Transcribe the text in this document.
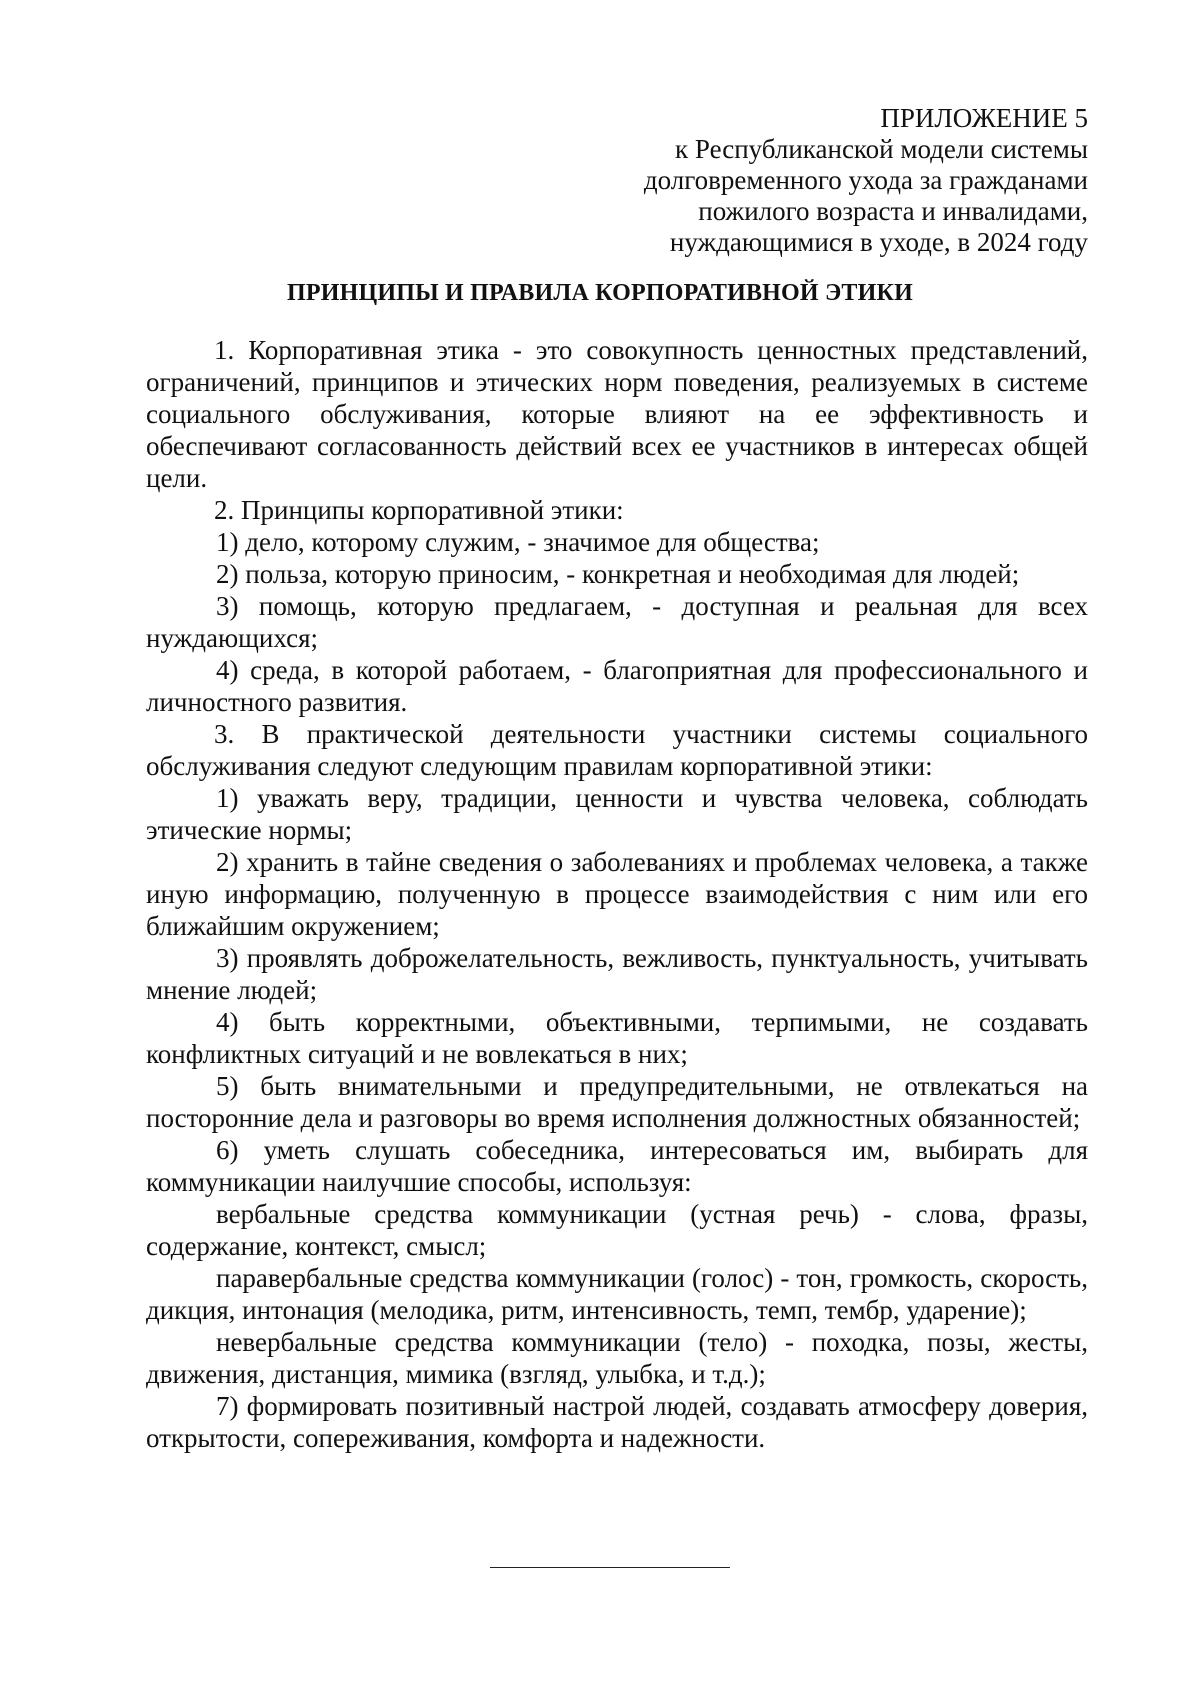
ПРИЛОЖЕНИЕ 5
к Республиканской модели системы
долговременного ухода за гражданами
пожилого возраста и инвалидами,
нуждающимися в уходе, в 2024 году
ПРИНЦИПЫ И ПРАВИЛА КОРПОРАТИВНОЙ ЭТИКИ

1. Корпоративная этика - это совокупность ценностных представлений, ограничений, принципов и этических норм поведения, реализуемых в системе социального обслуживания, которые влияют на ее эффективность и обеспечивают согласованность действий всех ее участников в интересах общей цели.

2. Принципы корпоративной этики:

1) дело, которому служим, - значимое для общества;

2) польза, которую приносим, - конкретная и необходимая для людей;

3) помощь, которую предлагаем, - доступная и реальная для всех нуждающихся;

4) среда, в которой работаем, - благоприятная для профессионального и личностного развития.

3. В практической деятельности участники системы социального обслуживания следуют следующим правилам корпоративной этики:

1) уважать веру, традиции, ценности и чувства человека, соблюдать этические нормы;

2) хранить в тайне сведения о заболеваниях и проблемах человека, а также иную информацию, полученную в процессе взаимодействия с ним или его ближайшим окружением;

3) проявлять доброжелательность, вежливость, пунктуальность, учитывать мнение людей;

4) быть корректными, объективными, терпимыми, не создавать конфликтных ситуаций и не вовлекаться в них;

5) быть внимательными и предупредительными, не отвлекаться на посторонние дела и разговоры во время исполнения должностных обязанностей;

6) уметь слушать собеседника, интересоваться им, выбирать для коммуникации наилучшие способы, используя:

вербальные средства коммуникации (устная речь) - слова, фразы, содержание, контекст, смысл;

паравербальные средства коммуникации (голос) - тон, громкость, скорость, дикция, интонация (мелодика, ритм, интенсивность, темп, тембр, ударение);

невербальные средства коммуникации (тело) - походка, позы, жесты, движения, дистанция, мимика (взгляд, улыбка, и т.д.);

7) формировать позитивный настрой людей, создавать атмосферу доверия, открытости, сопереживания, комфорта и надежности.
